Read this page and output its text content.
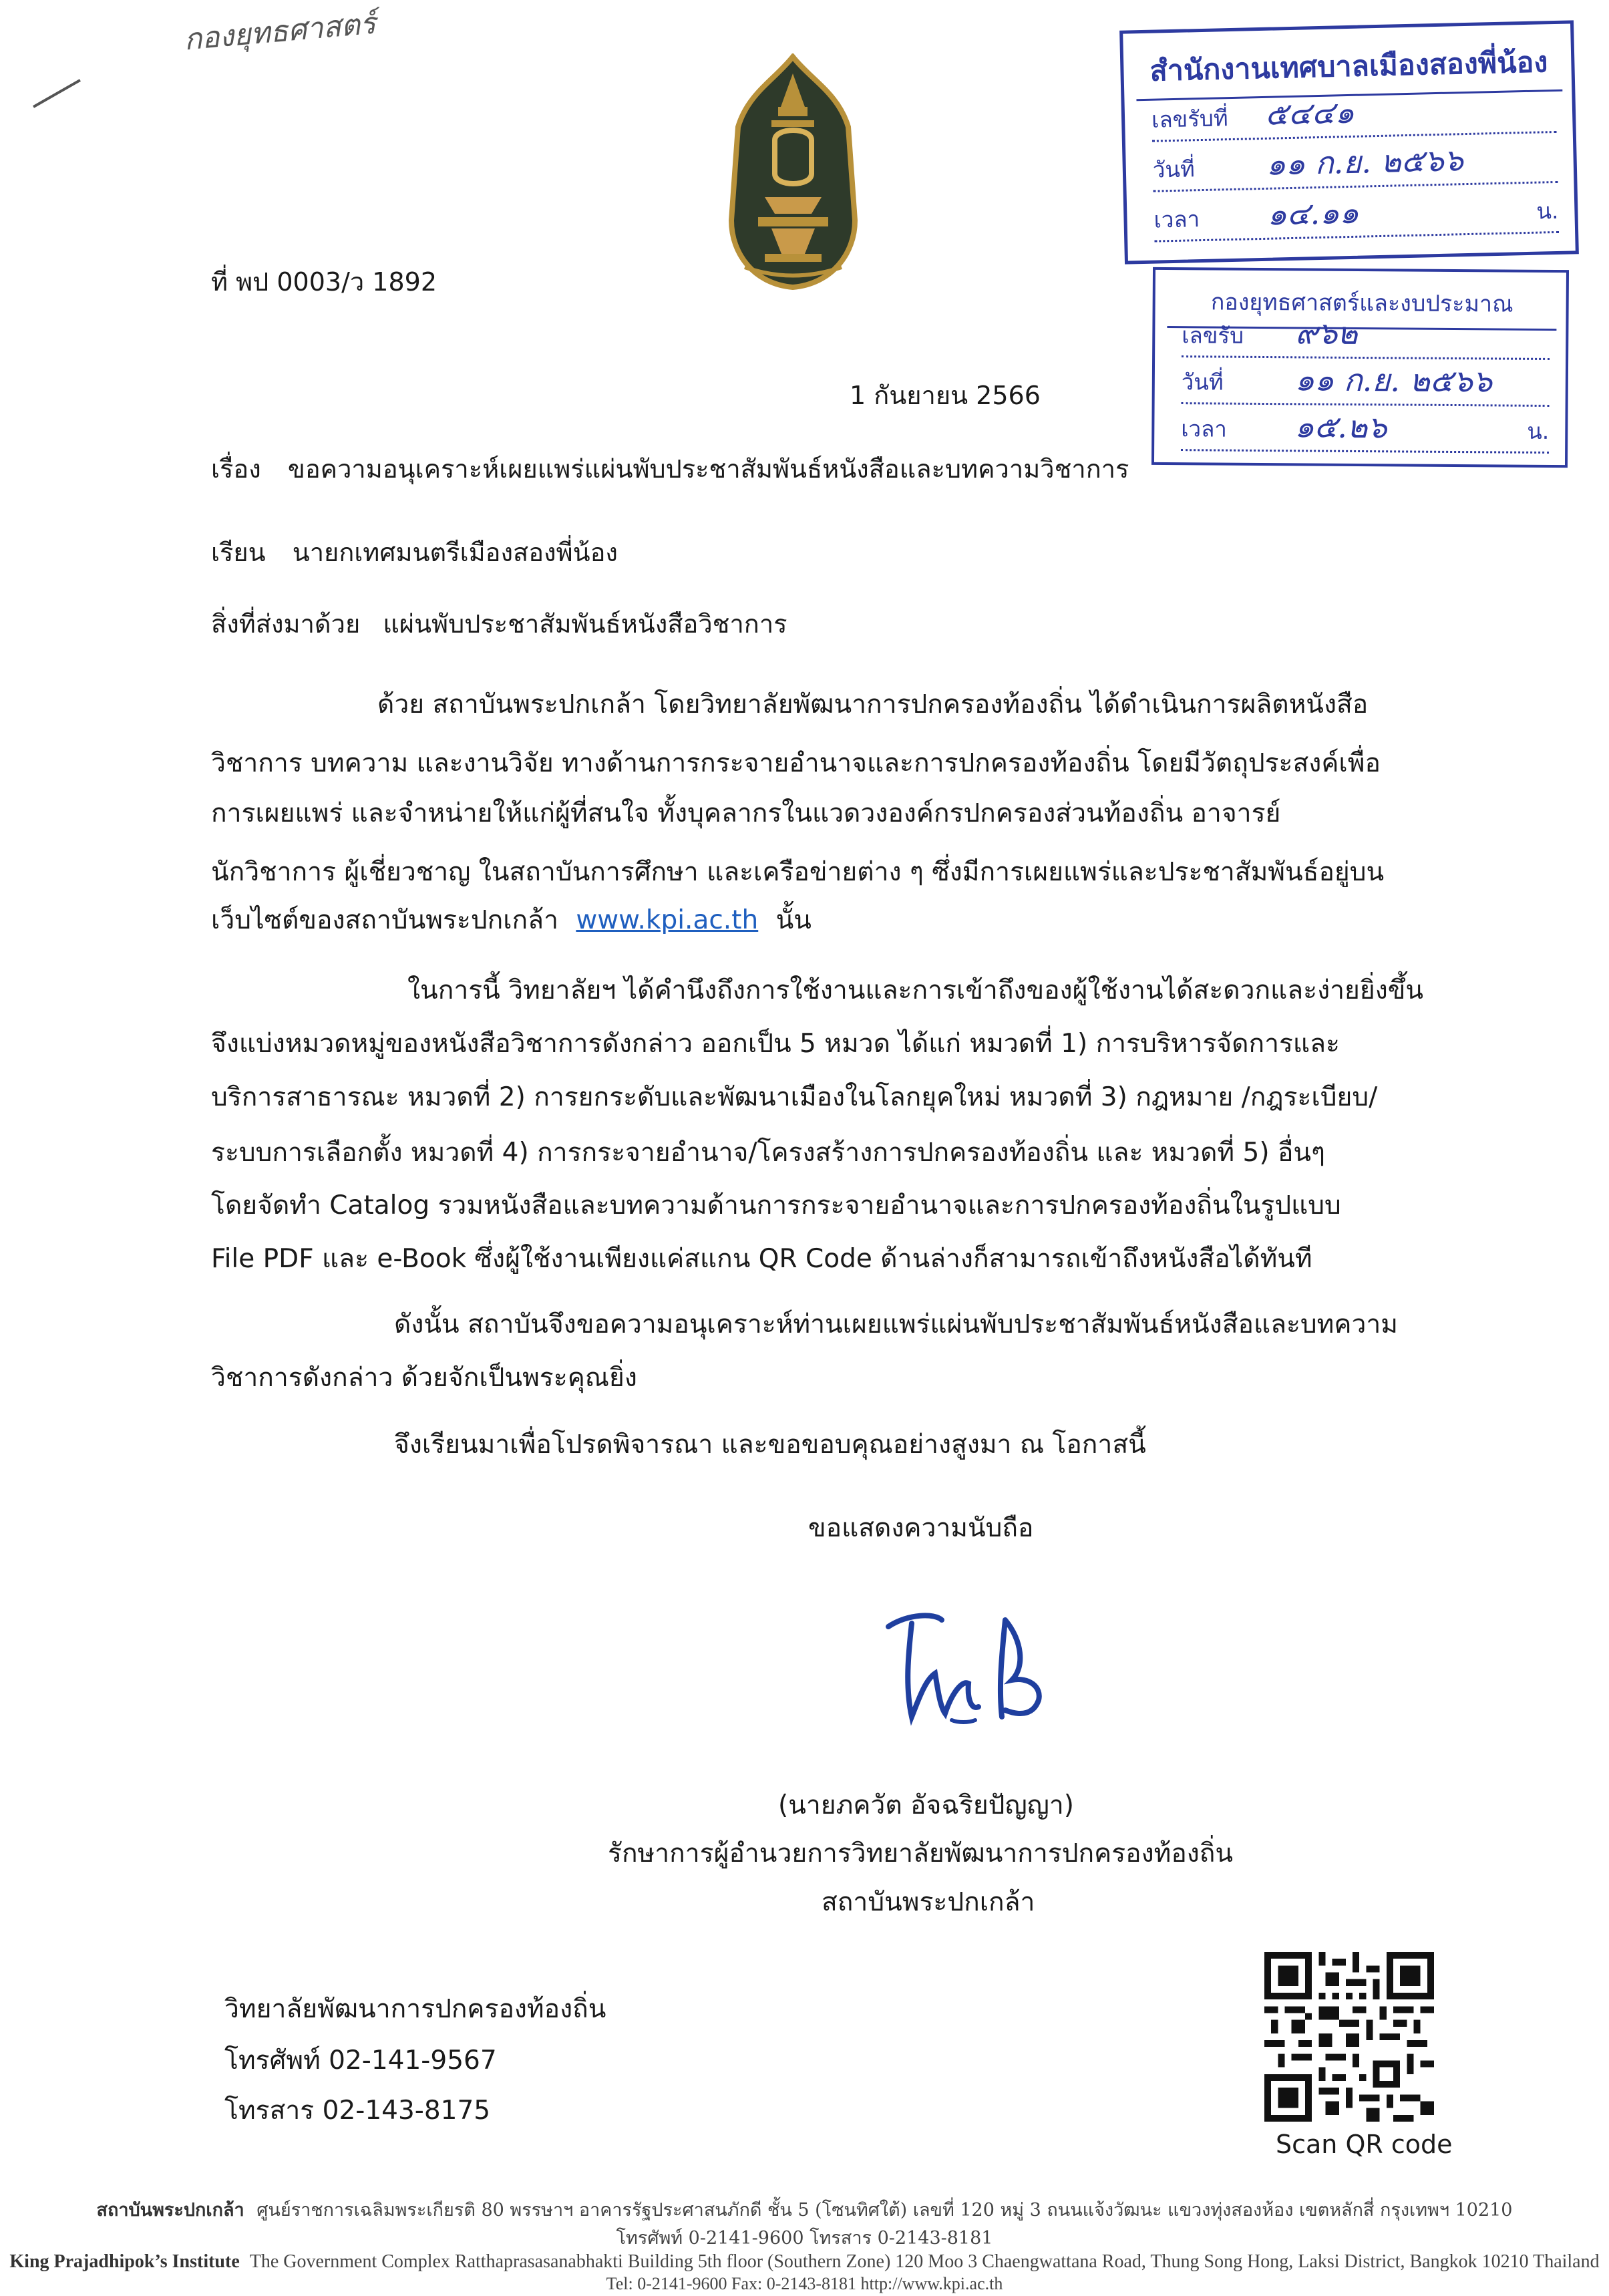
กองยุทธศาสตร์
สำนักงานเทศบาลเมืองสองพี่น้อง
เลขรับที่ ๕๔๔๑
วันที่ ๑๑ ก.ย. ๒๕๖๖
เวลา ๑๔.๑๑	น.
กองยุทธศาสตร์และงบประมาณ
เลขรับ ๙๖๒
วันที่ ๑๑ ก.ย. ๒๕๖๖
เวลา ๑๕.๒๖	น.
ที่ พป 0003/ว 1892
1 กันยายน 2566
เรื่อง ขอความอนุเคราะห์เผยแพร่แผ่นพับประชาสัมพันธ์หนังสือและบทความวิชาการ
เรียน นายกเทศมนตรีเมืองสองพี่น้อง
สิ่งที่ส่งมาด้วย แผ่นพับประชาสัมพันธ์หนังสือวิชาการ
ด้วย สถาบันพระปกเกล้า โดยวิทยาลัยพัฒนาการปกครองท้องถิ่น ได้ดำเนินการผลิตหนังสือ
วิชาการ บทความ และงานวิจัย ทางด้านการกระจายอำนาจและการปกครองท้องถิ่น โดยมีวัตถุประสงค์เพื่อ
การเผยแพร่ และจำหน่ายให้แก่ผู้ที่สนใจ ทั้งบุคลากรในแวดวงองค์กรปกครองส่วนท้องถิ่น อาจารย์
นักวิชาการ ผู้เชี่ยวชาญ ในสถาบันการศึกษา และเครือข่ายต่าง ๆ ซึ่งมีการเผยแพร่และประชาสัมพันธ์อยู่บน
เว็บไซต์ของสถาบันพระปกเกล้า www.kpi.ac.th นั้น
ในการนี้ วิทยาลัยฯ ได้คำนึงถึงการใช้งานและการเข้าถึงของผู้ใช้งานได้สะดวกและง่ายยิ่งขึ้น
จึงแบ่งหมวดหมู่ของหนังสือวิชาการดังกล่าว ออกเป็น 5 หมวด ได้แก่ หมวดที่ 1) การบริหารจัดการและ
บริการสาธารณะ หมวดที่ 2) การยกระดับและพัฒนาเมืองในโลกยุคใหม่ หมวดที่ 3) กฎหมาย /กฎระเบียบ/
ระบบการเลือกตั้ง หมวดที่ 4) การกระจายอำนาจ/โครงสร้างการปกครองท้องถิ่น และ หมวดที่ 5) อื่นๆ
โดยจัดทำ Catalog รวมหนังสือและบทความด้านการกระจายอำนาจและการปกครองท้องถิ่นในรูปแบบ
File PDF และ e-Book ซึ่งผู้ใช้งานเพียงแค่สแกน QR Code ด้านล่างก็สามารถเข้าถึงหนังสือได้ทันที
ดังนั้น สถาบันจึงขอความอนุเคราะห์ท่านเผยแพร่แผ่นพับประชาสัมพันธ์หนังสือและบทความ
วิชาการดังกล่าว ด้วยจักเป็นพระคุณยิ่ง
จึงเรียนมาเพื่อโปรดพิจารณา และขอขอบคุณอย่างสูงมา ณ โอกาสนี้
ขอแสดงความนับถือ
(นายภควัต อัจฉริยปัญญา)
รักษาการผู้อำนวยการวิทยาลัยพัฒนาการปกครองท้องถิ่น
สถาบันพระปกเกล้า
วิทยาลัยพัฒนาการปกครองท้องถิ่น
โทรศัพท์ 02-141-9567
โทรสาร 02-143-8175
Scan QR code
สถาบันพระปกเกล้า ศูนย์ราชการเฉลิมพระเกียรติ 80 พรรษาฯ อาคารรัฐประศาสนภักดี ชั้น 5 (โซนทิศใต้) เลขที่ 120 หมู่ 3 ถนนแจ้งวัฒนะ แขวงทุ่งสองห้อง เขตหลักสี่ กรุงเทพฯ 10210
โทรศัพท์ 0-2141-9600 โทรสาร 0-2143-8181
King Prajadhipok’s Institute The Government Complex Ratthaprasasanabhakti Building 5th floor (Southern Zone) 120 Moo 3 Chaengwattana Road, Thung Song Hong, Laksi District, Bangkok 10210 Thailand
Tel: 0-2141-9600 Fax: 0-2143-8181 http://www.kpi.ac.th
